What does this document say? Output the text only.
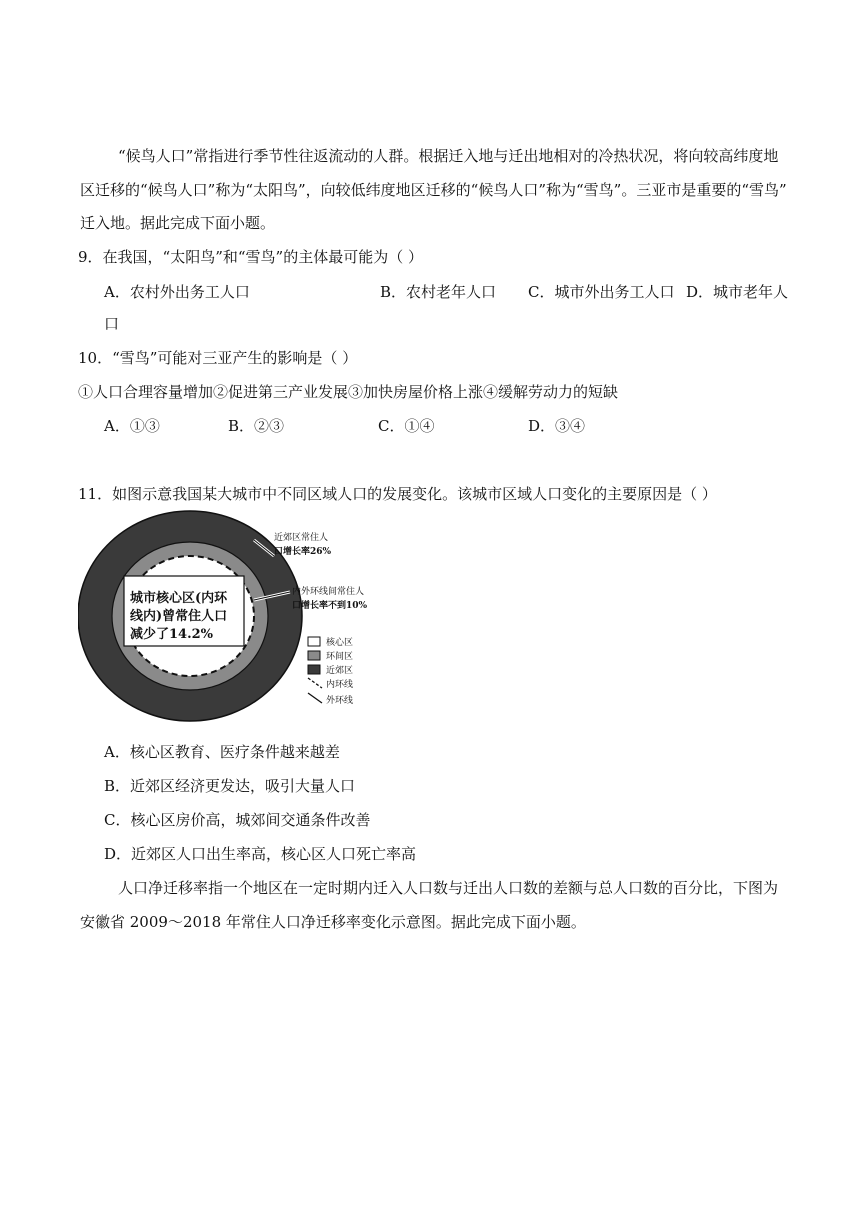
“候鸟人口”常指进行季节性往返流动的人群。根据迁入地与迁出地相对的冷热状况，将向较高纬度地
区迁移的“候鸟人口”称为“太阳鸟”，向较低纬度地区迁移的“候鸟人口”称为“雪鸟”。三亚市是重要的“雪鸟”
迁入地。据此完成下面小题。
9．在我国，“太阳鸟”和“雪鸟”的主体最可能为（ ）
A．农村外出务工人口	B．农村老年人口 C．城市外出务工人口 D．城市老年人
口
10．“雪鸟”可能对三亚产生的影响是（ ）
①人口合理容量增加②促进第三产业发展③加快房屋价格上涨④缓解劳动力的短缺
A．①③	B．②③	C．①④	D．③④
11．如图示意我国某大城市中不同区域人口的发展变化。该城市区域人口变化的主要原因是（ ）
城市核心区(内环
线内)曾常住人口
减少了14.2%
近郊区常住人
口增长率26%
内外环线间常住人
口增长率不到10%
核心区
环间区
近郊区
内环线
外环线
A．核心区教育、医疗条件越来越差
B．近郊区经济更发达，吸引大量人口
C．核心区房价高，城郊间交通条件改善
D．近郊区人口出生率高，核心区人口死亡率高
人口净迁移率指一个地区在一定时期内迁入人口数与迁出人口数的差额与总人口数的百分比，下图为
安徽省 2009～2018 年常住人口净迁移率变化示意图。据此完成下面小题。
